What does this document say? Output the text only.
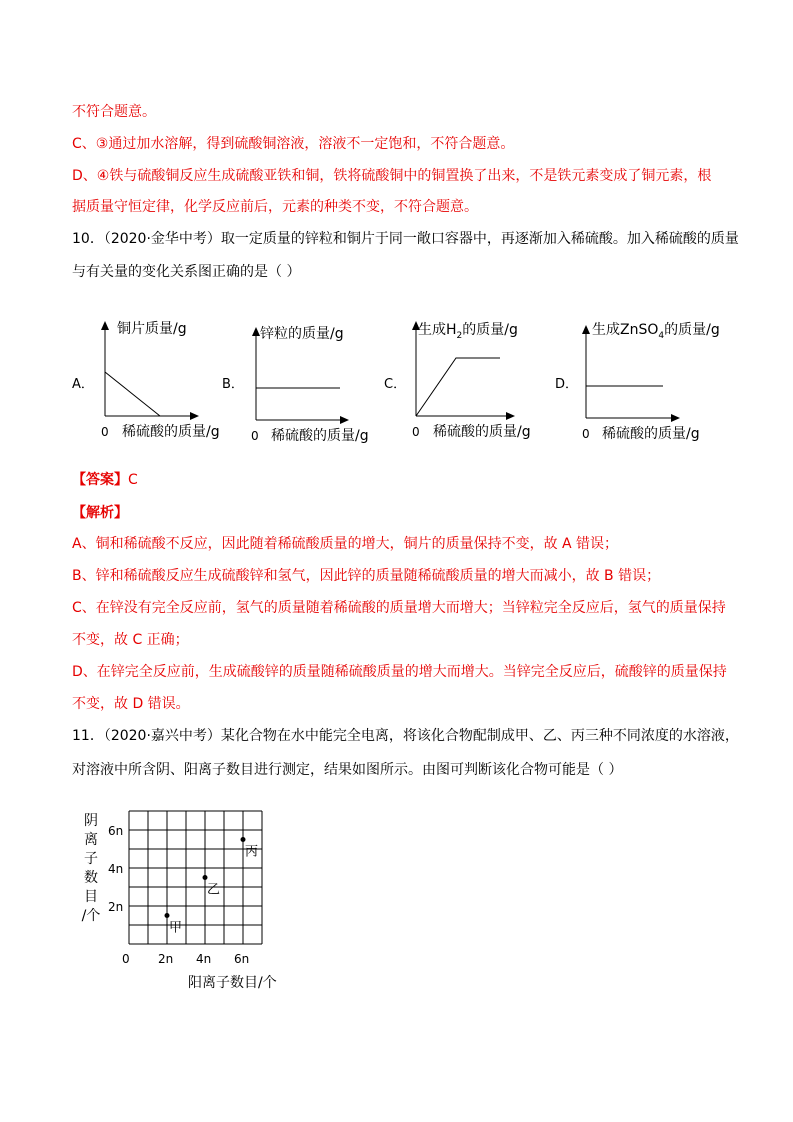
不符合题意。
C、③通过加水溶解，得到硫酸铜溶液，溶液不一定饱和，不符合题意。
D、④铁与硫酸铜反应生成硫酸亚铁和铜，铁将硫酸铜中的铜置换了出来，不是铁元素变成了铜元素，根
据质量守恒定律，化学反应前后，元素的种类不变，不符合题意。
10．（2020·金华中考）取一定质量的锌粒和铜片于同一敞口容器中，再逐渐加入稀硫酸。加入稀硫酸的质量
与有关量的变化关系图正确的是（ ）
A．
铜片质量/g
0 稀硫酸的质量/g
B．
锌粒的质量/g
0 稀硫酸的质量/g
C．
生成$H_2$的质量/g
0 稀硫酸的质量/g
D．
生成ZnSO$_4$的质量/g
0 稀硫酸的质量/g
【答案】C
【解析】
A、铜和稀硫酸不反应，因此随着稀硫酸质量的增大，铜片的质量保持不变，故 A 错误；
B、锌和稀硫酸反应生成硫酸锌和氢气，因此锌的质量随稀硫酸质量的增大而减小，故 B 错误；
C、在锌没有完全反应前，氢气的质量随着稀硫酸的质量增大而增大；当锌粒完全反应后，氢气的质量保持
不变，故 C 正确；
D、在锌完全反应前，生成硫酸锌的质量随稀硫酸质量的增大而增大。当锌完全反应后，硫酸锌的质量保持
不变，故 D 错误。
11．（2020·嘉兴中考）某化合物在水中能完全电离，将该化合物配制成甲、乙、丙三种不同浓度的水溶液，
对溶液中所含阴、阳离子数目进行测定，结果如图所示。由图可判断该化合物可能是（ ）
阴
离
子
数
目
/个
甲
乙
丙
0 2n 4n 6n
2n
4n
6n
阳离子数目/个
